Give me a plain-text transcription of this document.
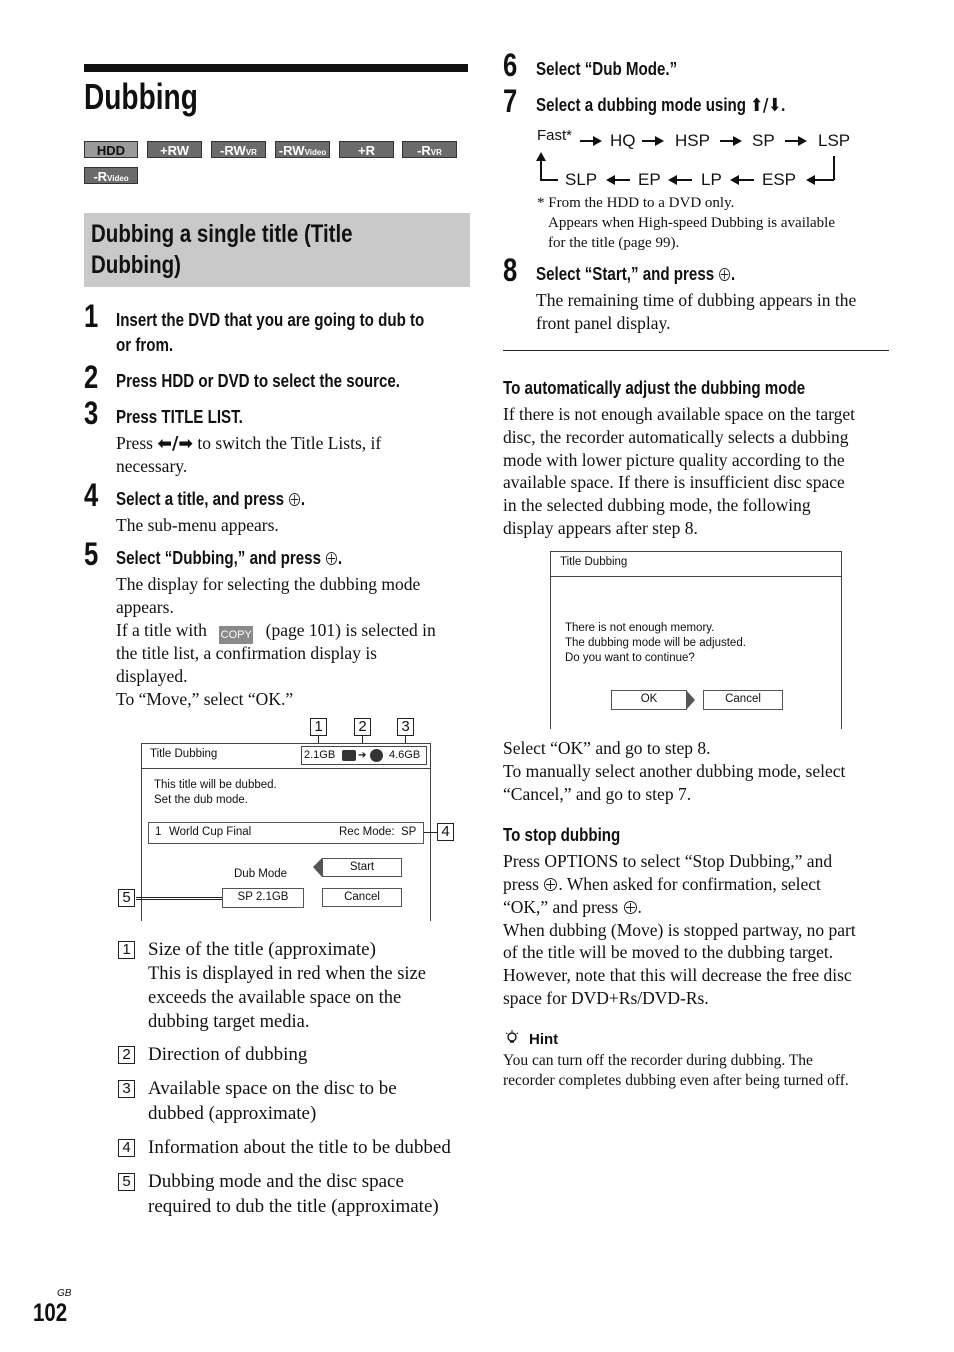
Dubbing
HDD	+RW	-RWVR	-RWVideo	+R	-RVR
-RVideo
Dubbing a single title (Title
Dubbing)
1 Insert the DVD that you are going to dub to
or from.
2 Press HDD or DVD to select the source.
3 Press TITLE LIST.
Press ⬅/➡ to switch the Title Lists, if
necessary.
4 Select a title, and press .
The sub-menu appears.
5 Select “Dubbing,” and press .
The display for selecting the dubbing mode
appears.
If a title with COPY (page 101) is selected in
the title list, a confirmation display is
displayed.
To “Move,” select “OK.”
1 2 3
Title Dubbing	2.1GB ➔ 4.6GB
This title will be dubbed.
Set the dub mode.
1 World Cup Final	Rec Mode:  SP
Dub Mode
SP 2.1GB
Start
Cancel
4
5
1 Size of the title (approximate)
This is displayed in red when the size
exceeds the available space on the
dubbing target media.
2 Direction of dubbing
3 Available space on the disc to be
dubbed (approximate)
4 Information about the title to be dubbed
5 Dubbing mode and the disc space
required to dub the title (approximate)
6 Select “Dub Mode.”
7 Select a dubbing mode using ⬆/⬇.
Fast* HQ HSP SP	LSP
SLP EP LP ESP
* From the HDD to a DVD only.
Appears when High-speed Dubbing is available
for the title (page 99).
8 Select “Start,” and press .
The remaining time of dubbing appears in the
front panel display.
To automatically adjust the dubbing mode
If there is not enough available space on the target
disc, the recorder automatically selects a dubbing
mode with lower picture quality according to the
available space. If there is insufficient disc space
in the selected dubbing mode, the following
display appears after step 8.
Title Dubbing
There is not enough memory.
The dubbing mode will be adjusted.
Do you want to continue?
OK	Cancel
Select “OK” and go to step 8.
To manually select another dubbing mode, select
“Cancel,” and go to step 7.
To stop dubbing
Press OPTIONS to select “Stop Dubbing,” and
press . When asked for confirmation, select
“OK,” and press .
When dubbing (Move) is stopped partway, no part
of the title will be moved to the dubbing target.
However, note that this will decrease the free disc
space for DVD+Rs/DVD-Rs.
Hint
You can turn off the recorder during dubbing. The
recorder completes dubbing even after being turned off.
GB
102
